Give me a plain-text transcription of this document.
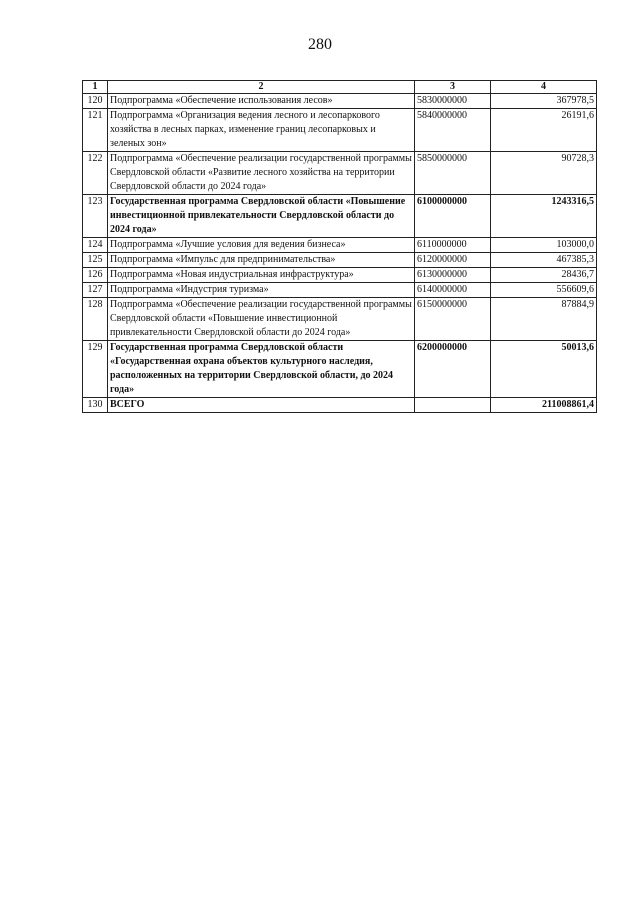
280
1	2	3	4
120	Подпрограмма «Обеспечение использования лесов»	5830000000	367978,5
121	Подпрограмма «Организация ведения лесного и лесопаркового хозяйства в лесных парках, изменение границ лесопарковых и зеленых зон»	5840000000	26191,6
122	Подпрограмма «Обеспечение реализации государственной программы Свердловской области «Развитие лесного хозяйства на территории Свердловской области до 2024 года»	5850000000	90728,3
123	Государственная программа Свердловской области «Повышение инвестиционной привлекательности Свердловской области до 2024 года»	6100000000	1243316,5
124	Подпрограмма «Лучшие условия для ведения бизнеса»	6110000000	103000,0
125	Подпрограмма «Импульс для предпринимательства»	6120000000	467385,3
126	Подпрограмма «Новая индустриальная инфраструктура»	6130000000	28436,7
127	Подпрограмма «Индустрия туризма»	6140000000	556609,6
128	Подпрограмма «Обеспечение реализации государственной программы Свердловской области «Повышение инвестиционной привлекательности Свердловской области до 2024 года»	6150000000	87884,9
129	Государственная программа Свердловской области «Государственная охрана объектов культурного наследия, расположенных на территории Свердловской области, до 2024 года»	6200000000	50013,6
130	ВСЕГО		211008861,4
